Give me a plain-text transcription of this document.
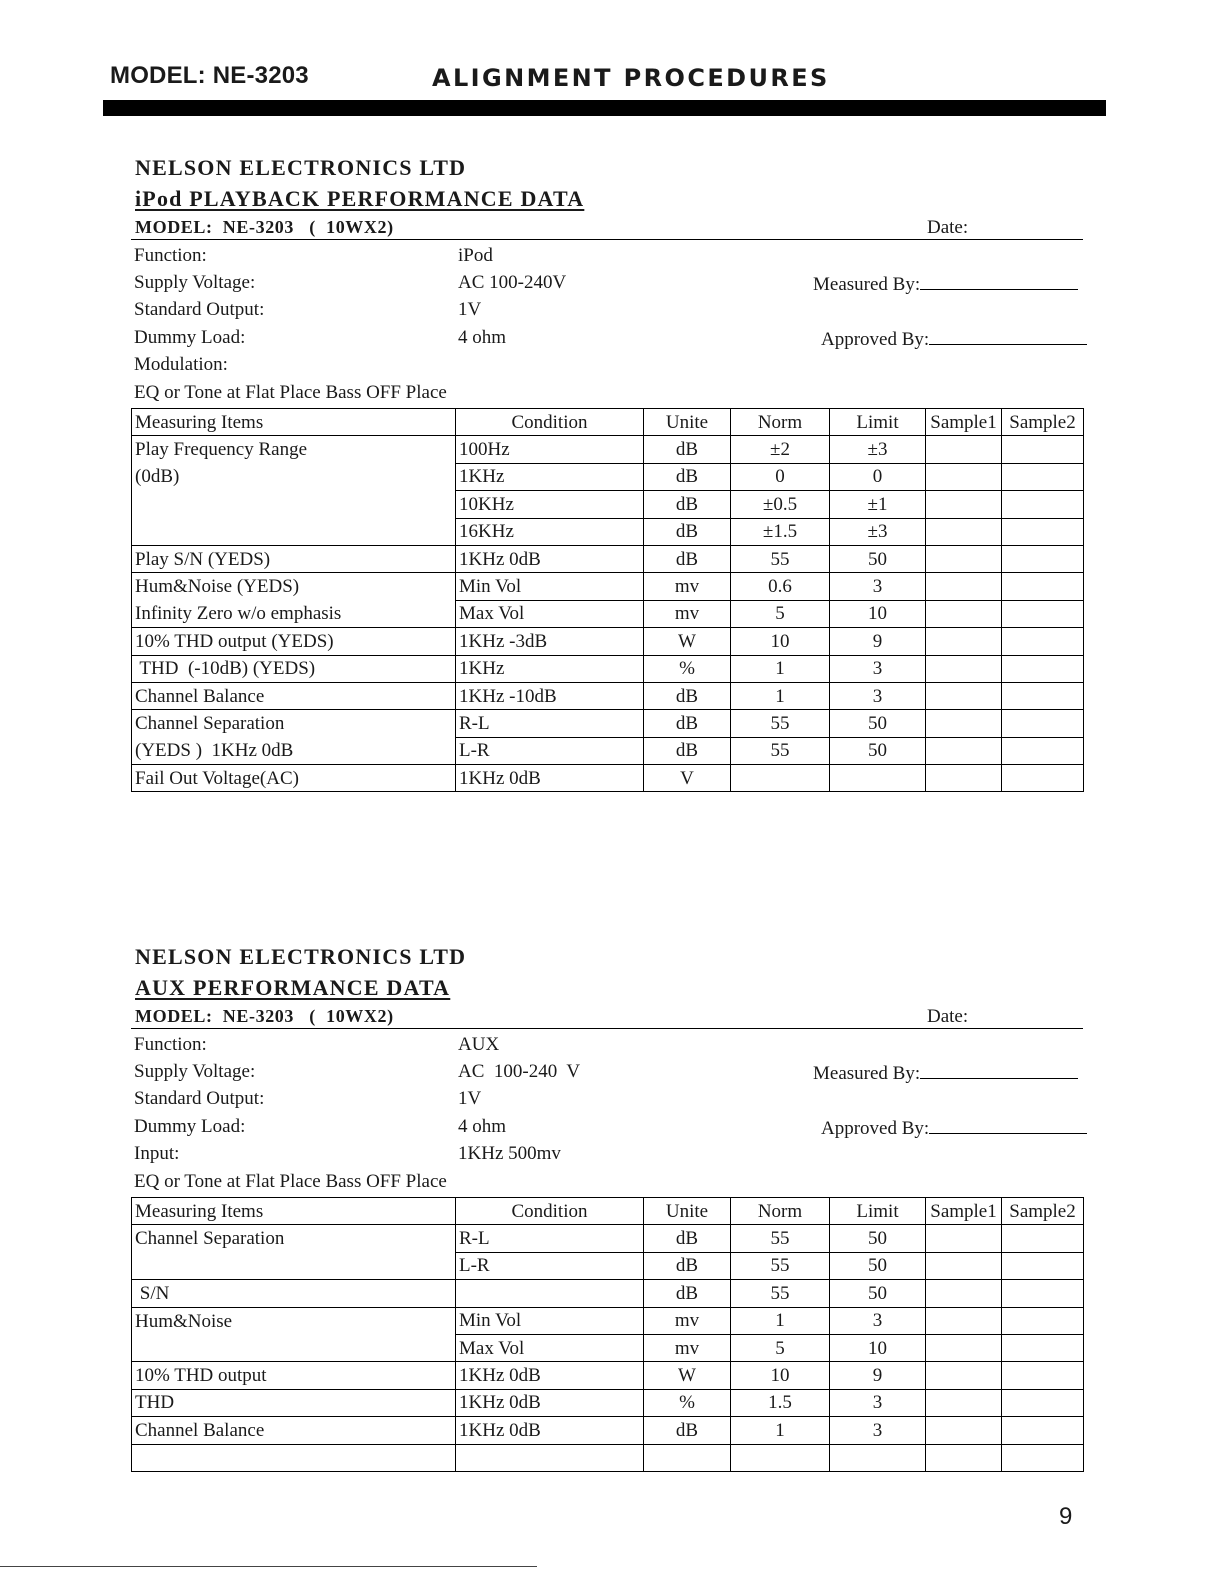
MODEL: NE-3203	ALIGNMENT PROCEDURES
NELSON ELECTRONICS LTD
iPod PLAYBACK PERFORMANCE DATA
MODEL:  NE-3203   (  10WX2)	Date:
Function:	iPod
Supply Voltage:	AC 100-240V
Standard Output:	1V
Dummy Load:	4 ohm
Modulation:
EQ or Tone at Flat Place Bass OFF Place
Measured By:
Approved By:
Measuring Items	Condition	Unite	Norm	Limit	Sample1	Sample2
Play Frequency Range	100Hz	dB	±2	±3		
(0dB)	1KHz	dB	0	0		
	10KHz	dB	±0.5	±1		
	16KHz	dB	±1.5	±3		
Play S/N (YEDS)	1KHz 0dB	dB	55	50		
Hum&Noise (YEDS)	Min Vol	mv	0.6	3		
Infinity Zero w/o emphasis	Max Vol	mv	5	10		
10% THD output (YEDS)	1KHz -3dB	W	10	9		
THD  (-10dB) (YEDS)	1KHz	%	1	3		
Channel Balance	1KHz -10dB	dB	1	3		
Channel Separation	R-L	dB	55	50		
(YEDS )  1KHz 0dB	L-R	dB	55	50		
Fail Out Voltage(AC)	1KHz 0dB	V				
NELSON ELECTRONICS LTD
AUX PERFORMANCE DATA
MODEL:  NE-3203   (  10WX2)	Date:
Function:	AUX
Supply Voltage:	AC  100-240  V
Standard Output:	1V
Dummy Load:	4 ohm
Input:	1KHz 500mv
EQ or Tone at Flat Place Bass OFF Place
Measured By:
Approved By:
Measuring Items	Condition	Unite	Norm	Limit	Sample1	Sample2
Channel Separation	R-L	dB	55	50		
	L-R	dB	55	50		
S/N		dB	55	50		
Hum&Noise	Min Vol	mv	1	3		
	Max Vol	mv	5	10		
10% THD output	1KHz 0dB	W	10	9		
THD	1KHz 0dB	%	1.5	3		
Channel Balance	1KHz 0dB	dB	1	3		

9
